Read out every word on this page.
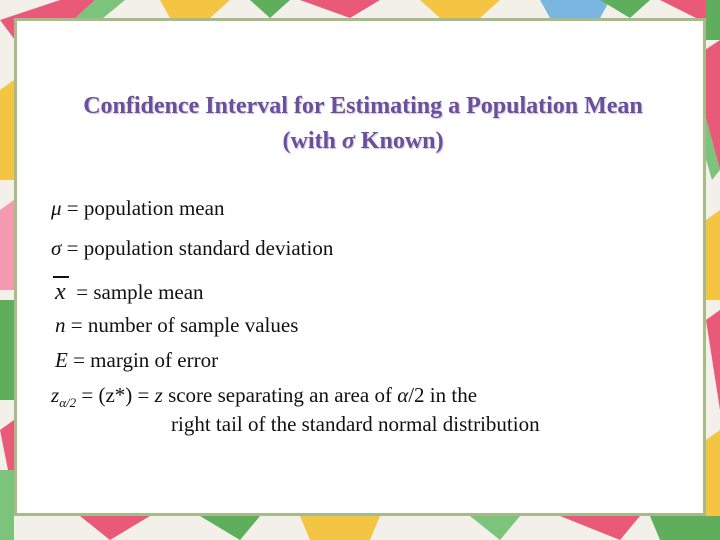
Confidence Interval for Estimating a Population Mean
(with σ Known)
μ = population mean
σ = population standard deviation
x = sample mean
n = number of sample values
E = margin of error
$z_{\alpha/2} = (z*) = z$ score separating an area of α/2 in the
right tail of the standard normal distribution
